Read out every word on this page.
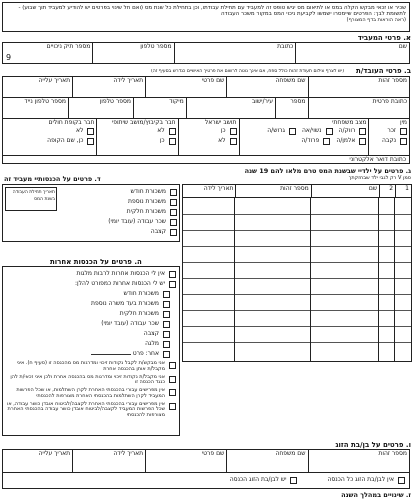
שכיר או זכאי מבקש הקלה במס או לתיאום מס יגיש טופס זה למעביד עם תחילת עבודתו, וכן בתחילת כל שנת מס (ואם חל שינוי בפרטים יש להודיע למעביד תוך שבוע) - לתשומת לבך: הפרטים שיימסרו ישמשו לקביעת ניכוי המס במקור משכר העבודה
(ראה הוראות בדף המצורף)
א. פרטי המעביד
שם
כתובת
מספר טלפון
מספר תיק ניכויים
9
ב. פרטי העובד/ת
(יש לצרף צילום תעודת זהות כולל ספח, אם אינך נוטה לרשום את פרטיך האישיים כנדרש בסעיף זה)
מספר זהות
שם משפחה
שם פרטי
תאריך לידה
תאריך עלייה
כתובת פרטית
מספר
עיר/ישוב
מיקוד
מספר טלפון
מספר טלפון נייד
מין
זכר
נקבה
מצב משפחתי
רווק/ה
נשוי/אה
גרוש/ה
אלמן/ה
פרוד/ה
תושב ישראל
כן
לא
חבר בקיבוץ/מושב שיתופי
לא
כן
חבר בקופת חולים
לא
כן, שם הקופה
כתובת דואר אלקטרוני
ג. פרטים על ילדיי שבשנת המס טרם מלאו להם 19 שנה
סמן V רק לגבי ילד שבחזקתך
1
2
שם
מספר זהות
תאריך לידה
ד. פרטים על הכנסותיי מעביד זה
משכורת חודש
משכורת נוספת
משכורת חלקית
שכר עבודה (עובד יומי)
קצבה
תאריך תחילת העבודה בשנת המס
ה. פרטים על הכנסות אחרות
אין לי הכנסות אחרות לרבות מלגות
יש לי הכנסות אחרות כמפורט להלן:
משכורת חודש
משכורת בעד משרה נוספת
משכורת חלקית
שכר עבודה (עובד יומי)
קצבה
מלגה
אחר: פרט
אני מבקש/ת לקבל נקודות זיכוי ומדרגות מס מהכנסה זו (סעיף ח). איני מקבל/ת אותן בהכנסה אחרת
אני מקבל/ת נקודות זיכוי ומדרגות מס בהכנסה אחרת ולכן איני זכאי/ת להן כנגד הכנסה זו
אין מפרישים עבורי בהכנסתי האחרת לקרן השתלמות, או שכל הפרשות המעביד לקרן השתלמות בהכנסתי האחרת מצורפות להכנסתי
אין מפרישים עבורי בהכנסתי האחרת לקצבה/לביטוח אובדן כושר עבודה, או שכל הפרשות המעביד לקצבה/לביטוח אובדן כושר עבודה בהכנסתי האחרת מצורפות להכנסתי
ו. פרטים על בן/בת הזוג
מספר זהות
שם משפחה
שם פרטי
תאריך לידה
תאריך עלייה
אין לבן/בת הזוג כל הכנסה
יש לבן/בת הזוג הכנסה
ז. שינויים במהלך השנה
